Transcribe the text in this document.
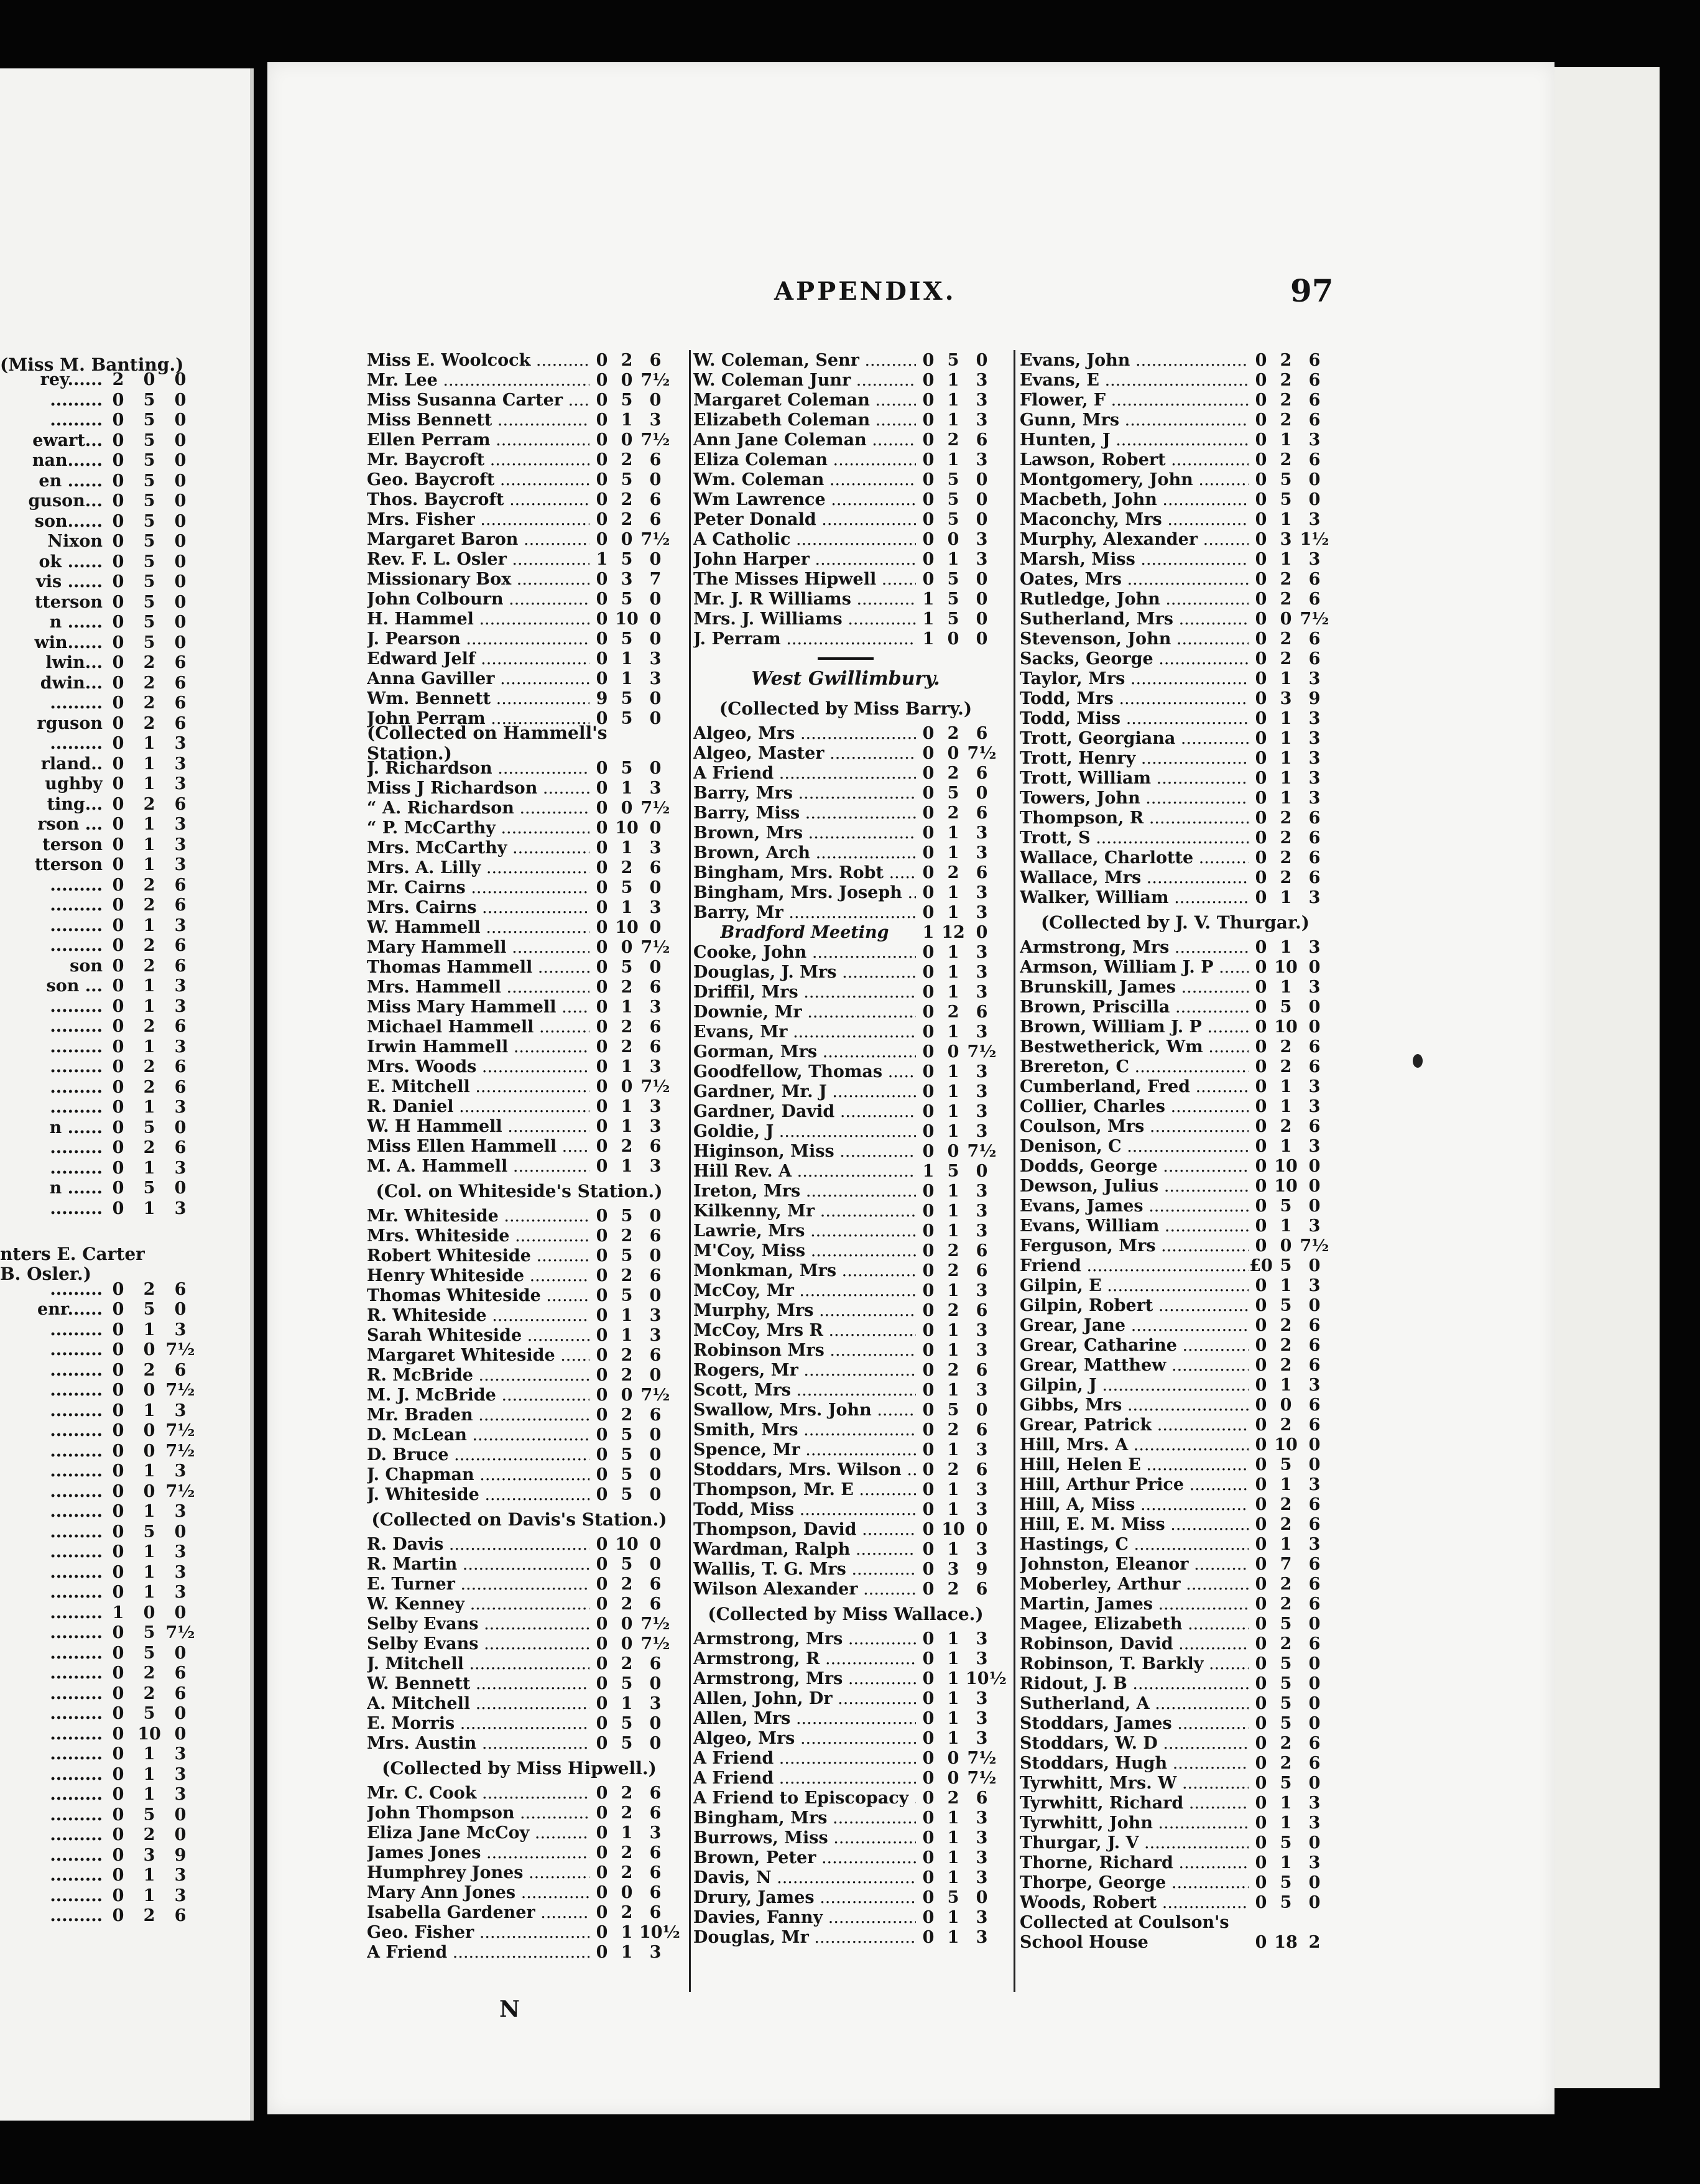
(Miss M. Banting.)
rey...... 2	0	0
......... 0	5	0
......... 0	5	0
ewart... 0	5	0
nan...... 0	5	0
en ...... 0	5	0
guson... 0	5	0
son...... 0	5	0
Nixon 0	5	0
ok ...... 0	5	0
vis ...... 0	5	0
tterson 0	5	0
n ...... 0	5	0
win...... 0	5	0
lwin... 0	2	6
dwin... 0	2	6
......... 0	2	6
rguson 0	2	6
......... 0	1	3
rland.. 0	1	3
ughby 0	1	3
ting... 0	2	6
rson ... 0	1	3
terson 0	1	3
tterson 0	1	3
......... 0	2	6
......... 0	2	6
......... 0	1	3
......... 0	2	6
son 0	2	6
son ... 0	1	3
......... 0	1	3
......... 0	2	6
......... 0	1	3
......... 0	2	6
......... 0	2	6
......... 0	1	3
n ...... 0	5	0
......... 0	2	6
......... 0	1	3
n ...... 0	5	0
......... 0	1	3
nters E. Carter
B. Osler.)
......... 0	2	6
enr...... 0	5	0
......... 0	1	3
......... 0	0 7½
......... 0	2	6
......... 0	0 7½
......... 0	1	3
......... 0	0 7½
......... 0	0 7½
......... 0	1	3
......... 0	0 7½
......... 0	1	3
......... 0	5	0
......... 0	1	3
......... 0	1	3
......... 0	1	3
......... 1	0	0
......... 0	5 7½
......... 0	5	0
......... 0	2	6
......... 0	2	6
......... 0	5	0
......... 0 10 0
......... 0	1	3
......... 0	1	3
......... 0	1	3
......... 0	5	0
......... 0	2	0
......... 0	3	9
......... 0	1	3
......... 0	1	3
......... 0	2	6
APPENDIX.	97
Miss E. Woolcock .....	0 2	6
Mr. Lee .....	0 0 7½
Miss Susanna Carter .....	0 5	0
Miss Bennett .....	0 1	3
Ellen Perram .....	0 0 7½
Mr. Baycroft .....	0 2	6
Geo. Baycroft .....	0 5	0
Thos. Baycroft .....	0 2	6
Mrs. Fisher .....	0 2	6
Margaret Baron .....	0 0 7½
Rev. F. L. Osler .....	1 5	0
Missionary Box .....	0 3	7
John Colbourn .....	0 5	0
H. Hammel .....	0 10 0
J. Pearson .....	0 5	0
Edward Jelf .....	0 1	3
Anna Gaviller .....	0 1	3
Wm. Bennett .....	9 5	0
John Perram .....	0 5	0
(Collected on Hammell's Station.)
J. Richardson .....	0 5	0
Miss J Richardson .....	0 1	3
“ A. Richardson .....	0 0 7½
“ P. McCarthy .....	0 10 0
Mrs. McCarthy .....	0 1	3
Mrs. A. Lilly .....	0 2	6
Mr. Cairns .....	0 5	0
Mrs. Cairns .....	0 1	3
W. Hammell .....	0 10 0
Mary Hammell .....	0 0 7½
Thomas Hammell .....	0 5	0
Mrs. Hammell .....	0 2	6
Miss Mary Hammell .....	0 1	3
Michael Hammell .....	0 2	6
Irwin Hammell .....	0 2	6
Mrs. Woods .....	0 1	3
E. Mitchell .....	0 0 7½
R. Daniel .....	0 1	3
W. H Hammell .....	0 1	3
Miss Ellen Hammell .....	0 2	6
M. A. Hammell .....	0 1	3
(Col. on Whiteside's Station.)
Mr. Whiteside .....	0 5	0
Mrs. Whiteside .....	0 2	6
Robert Whiteside .....	0 5	0
Henry Whiteside .....	0 2	6
Thomas Whiteside .....	0 5	0
R. Whiteside .....	0 1	3
Sarah Whiteside .....	0 1	3
Margaret Whiteside .....	0 2	6
R. McBride .....	0 2	0
M. J. McBride .....	0 0 7½
Mr. Braden .....	0 2	6
D. McLean .....	0 5	0
D. Bruce .....	0 5	0
J. Chapman .....	0 5	0
J. Whiteside .....	0 5	0
(Collected on Davis's Station.)
R. Davis .....	0 10 0
R. Martin .....	0 5	0
E. Turner .....	0 2	6
W. Kenney .....	0 2	6
Selby Evans .....	0 0 7½
Selby Evans .....	0 0 7½
J. Mitchell .....	0 2	6
W. Bennett .....	0 5	0
A. Mitchell .....	0 1	3
E. Morris .....	0 5	0
Mrs. Austin .....	0 5	0
(Collected by Miss Hipwell.)
Mr. C. Cook .....	0 2	6
John Thompson .....	0 2	6
Eliza Jane McCoy .....	0 1	3
James Jones .....	0 2	6
Humphrey Jones .....	0 2	6
Mary Ann Jones .....	0 0	6
Isabella Gardener .....	0 2	6
Geo. Fisher .....	0 1 10½
A Friend .....	0 1	3
W. Coleman, Senr .....	0 5	0
W. Coleman Junr .....	0 1	3
Margaret Coleman .....	0 1	3
Elizabeth Coleman .....	0 1	3
Ann Jane Coleman .....	0 2	6
Eliza Coleman .....	0 1	3
Wm. Coleman .....	0 5	0
Wm Lawrence .....	0 5	0
Peter Donald .....	0 5	0
A Catholic .....	0 0	3
John Harper .....	0 1	3
The Misses Hipwell .....	0 5	0
Mr. J. R Williams .....	1 5	0
Mrs. J. Williams .....	1 5	0
J. Perram .....	1 0	0
West Gwillimbury.
(Collected by Miss Barry.)
Algeo, Mrs .....	0 2	6
Algeo, Master .....	0 0 7½
A Friend .....	0 2	6
Barry, Mrs .....	0 5	0
Barry, Miss .....	0 2	6
Brown, Mrs .....	0 1	3
Brown, Arch .....	0 1	3
Bingham, Mrs. Robt .....	0 2	6
Bingham, Mrs. Joseph .....	0 1	3
Barry, Mr .....	0 1	3
Bradford Meeting	1 12 0
Cooke, John .....	0 1	3
Douglas, J. Mrs .....	0 1	3
Driffil, Mrs .....	0 1	3
Downie, Mr .....	0 2	6
Evans, Mr .....	0 1	3
Gorman, Mrs .....	0 0 7½
Goodfellow, Thomas .....	0 1	3
Gardner, Mr. J .....	0 1	3
Gardner, David .....	0 1	3
Goldie, J .....	0 1	3
Higinson, Miss .....	0 0 7½
Hill Rev. A .....	1 5	0
Ireton, Mrs .....	0 1	3
Kilkenny, Mr .....	0 1	3
Lawrie, Mrs .....	0 1	3
M'Coy, Miss .....	0 2	6
Monkman, Mrs .....	0 2	6
McCoy, Mr .....	0 1	3
Murphy, Mrs .....	0 2	6
McCoy, Mrs R .....	0 1	3
Robinson Mrs .....	0 1	3
Rogers, Mr .....	0 2	6
Scott, Mrs .....	0 1	3
Swallow, Mrs. John .....	0 5	0
Smith, Mrs .....	0 2	6
Spence, Mr .....	0 1	3
Stoddars, Mrs. Wilson .....	0 2	6
Thompson, Mr. E .....	0 1	3
Todd, Miss .....	0 1	3
Thompson, David .....	0 10 0
Wardman, Ralph .....	0 1	3
Wallis, T. G. Mrs .....	0 3	9
Wilson Alexander .....	0 2	6
(Collected by Miss Wallace.)
Armstrong, Mrs .....	0 1	3
Armstrong, R .....	0 1	3
Armstrong, Mrs .....	0 1 10½
Allen, John, Dr .....	0 1	3
Allen, Mrs .....	0 1	3
Algeo, Mrs .....	0 1	3
A Friend .....	0 0 7½
A Friend .....	0 0 7½
A Friend to Episcopacy ..... 0 2	6
Bingham, Mrs .....	0 1	3
Burrows, Miss .....	0 1	3
Brown, Peter .....	0 1	3
Davis, N .....	0 1	3
Drury, James .....	0 5	0
Davies, Fanny .....	0 1	3
Douglas, Mr .....	0 1	3
Evans, John .....	0 2	6
Evans, E .....	0 2	6
Flower, F .....	0 2	6
Gunn, Mrs .....	0 2	6
Hunten, J .....	0 1	3
Lawson, Robert .....	0 2	6
Montgomery, John .....	0 5	0
Macbeth, John .....	0 5	0
Maconchy, Mrs .....	0 1	3
Murphy, Alexander .....	0 3 1½
Marsh, Miss .....	0 1	3
Oates, Mrs .....	0 2	6
Rutledge, John .....	0 2	6
Sutherland, Mrs .....	0 0 7½
Stevenson, John .....	0 2	6
Sacks, George .....	0 2	6
Taylor, Mrs .....	0 1	3
Todd, Mrs .....	0 3	9
Todd, Miss .....	0 1	3
Trott, Georgiana .....	0 1	3
Trott, Henry .....	0 1	3
Trott, William .....	0 1	3
Towers, John .....	0 1	3
Thompson, R .....	0 2	6
Trott, S .....	0 2	6
Wallace, Charlotte .....	0 2	6
Wallace, Mrs .....	0 2	6
Walker, William .....	0 1	3
(Collected by J. V. Thurgar.)
Armstrong, Mrs .....	0 1	3
Armson, William J. P .....	0 10 0
Brunskill, James .....	0 1	3
Brown, Priscilla .....	0 5	0
Brown, William J. P .....	0 10 0
Bestwetherick, Wm .....	0 2	6
Brereton, C .....	0 2	6
Cumberland, Fred .....	0 1	3
Collier, Charles .....	0 1	3
Coulson, Mrs .....	0 2	6
Denison, C .....	0 1	3
Dodds, George .....	0 10 0
Dewson, Julius .....	0 10 0
Evans, James .....	0 5	0
Evans, William .....	0 1	3
Ferguson, Mrs .....	0 0 7½
Friend .....	£0 5	0
Gilpin, E .....	0 1	3
Gilpin, Robert .....	0 5	0
Grear, Jane .....	0 2	6
Grear, Catharine .....	0 2	6
Grear, Matthew .....	0 2	6
Gilpin, J .....	0 1	3
Gibbs, Mrs .....	0 0	6
Grear, Patrick .....	0 2	6
Hill, Mrs. A .....	0 10 0
Hill, Helen E .....	0 5	0
Hill, Arthur Price .....	0 1	3
Hill, A, Miss .....	0 2	6
Hill, E. M. Miss .....	0 2	6
Hastings, C .....	0 1	3
Johnston, Eleanor .....	0 7	6
Moberley, Arthur .....	0 2	6
Martin, James .....	0 2	6
Magee, Elizabeth .....	0 5	0
Robinson, David .....	0 2	6
Robinson, T. Barkly .....	0 5	0
Ridout, J. B .....	0 5	0
Sutherland, A .....	0 5	0
Stoddars, James .....	0 5	0
Stoddars, W. D .....	0 2	6
Stoddars, Hugh .....	0 2	6
Tyrwhitt, Mrs. W .....	0 5	0
Tyrwhitt, Richard .....	0 1	3
Tyrwhitt, John .....	0 1	3
Thurgar, J. V .....	0 5	0
Thorne, Richard .....	0 1	3
Thorpe, George .....	0 5	0
Woods, Robert .....	0 5	0
Collected at Coulson's
School House	0 18 2
N
